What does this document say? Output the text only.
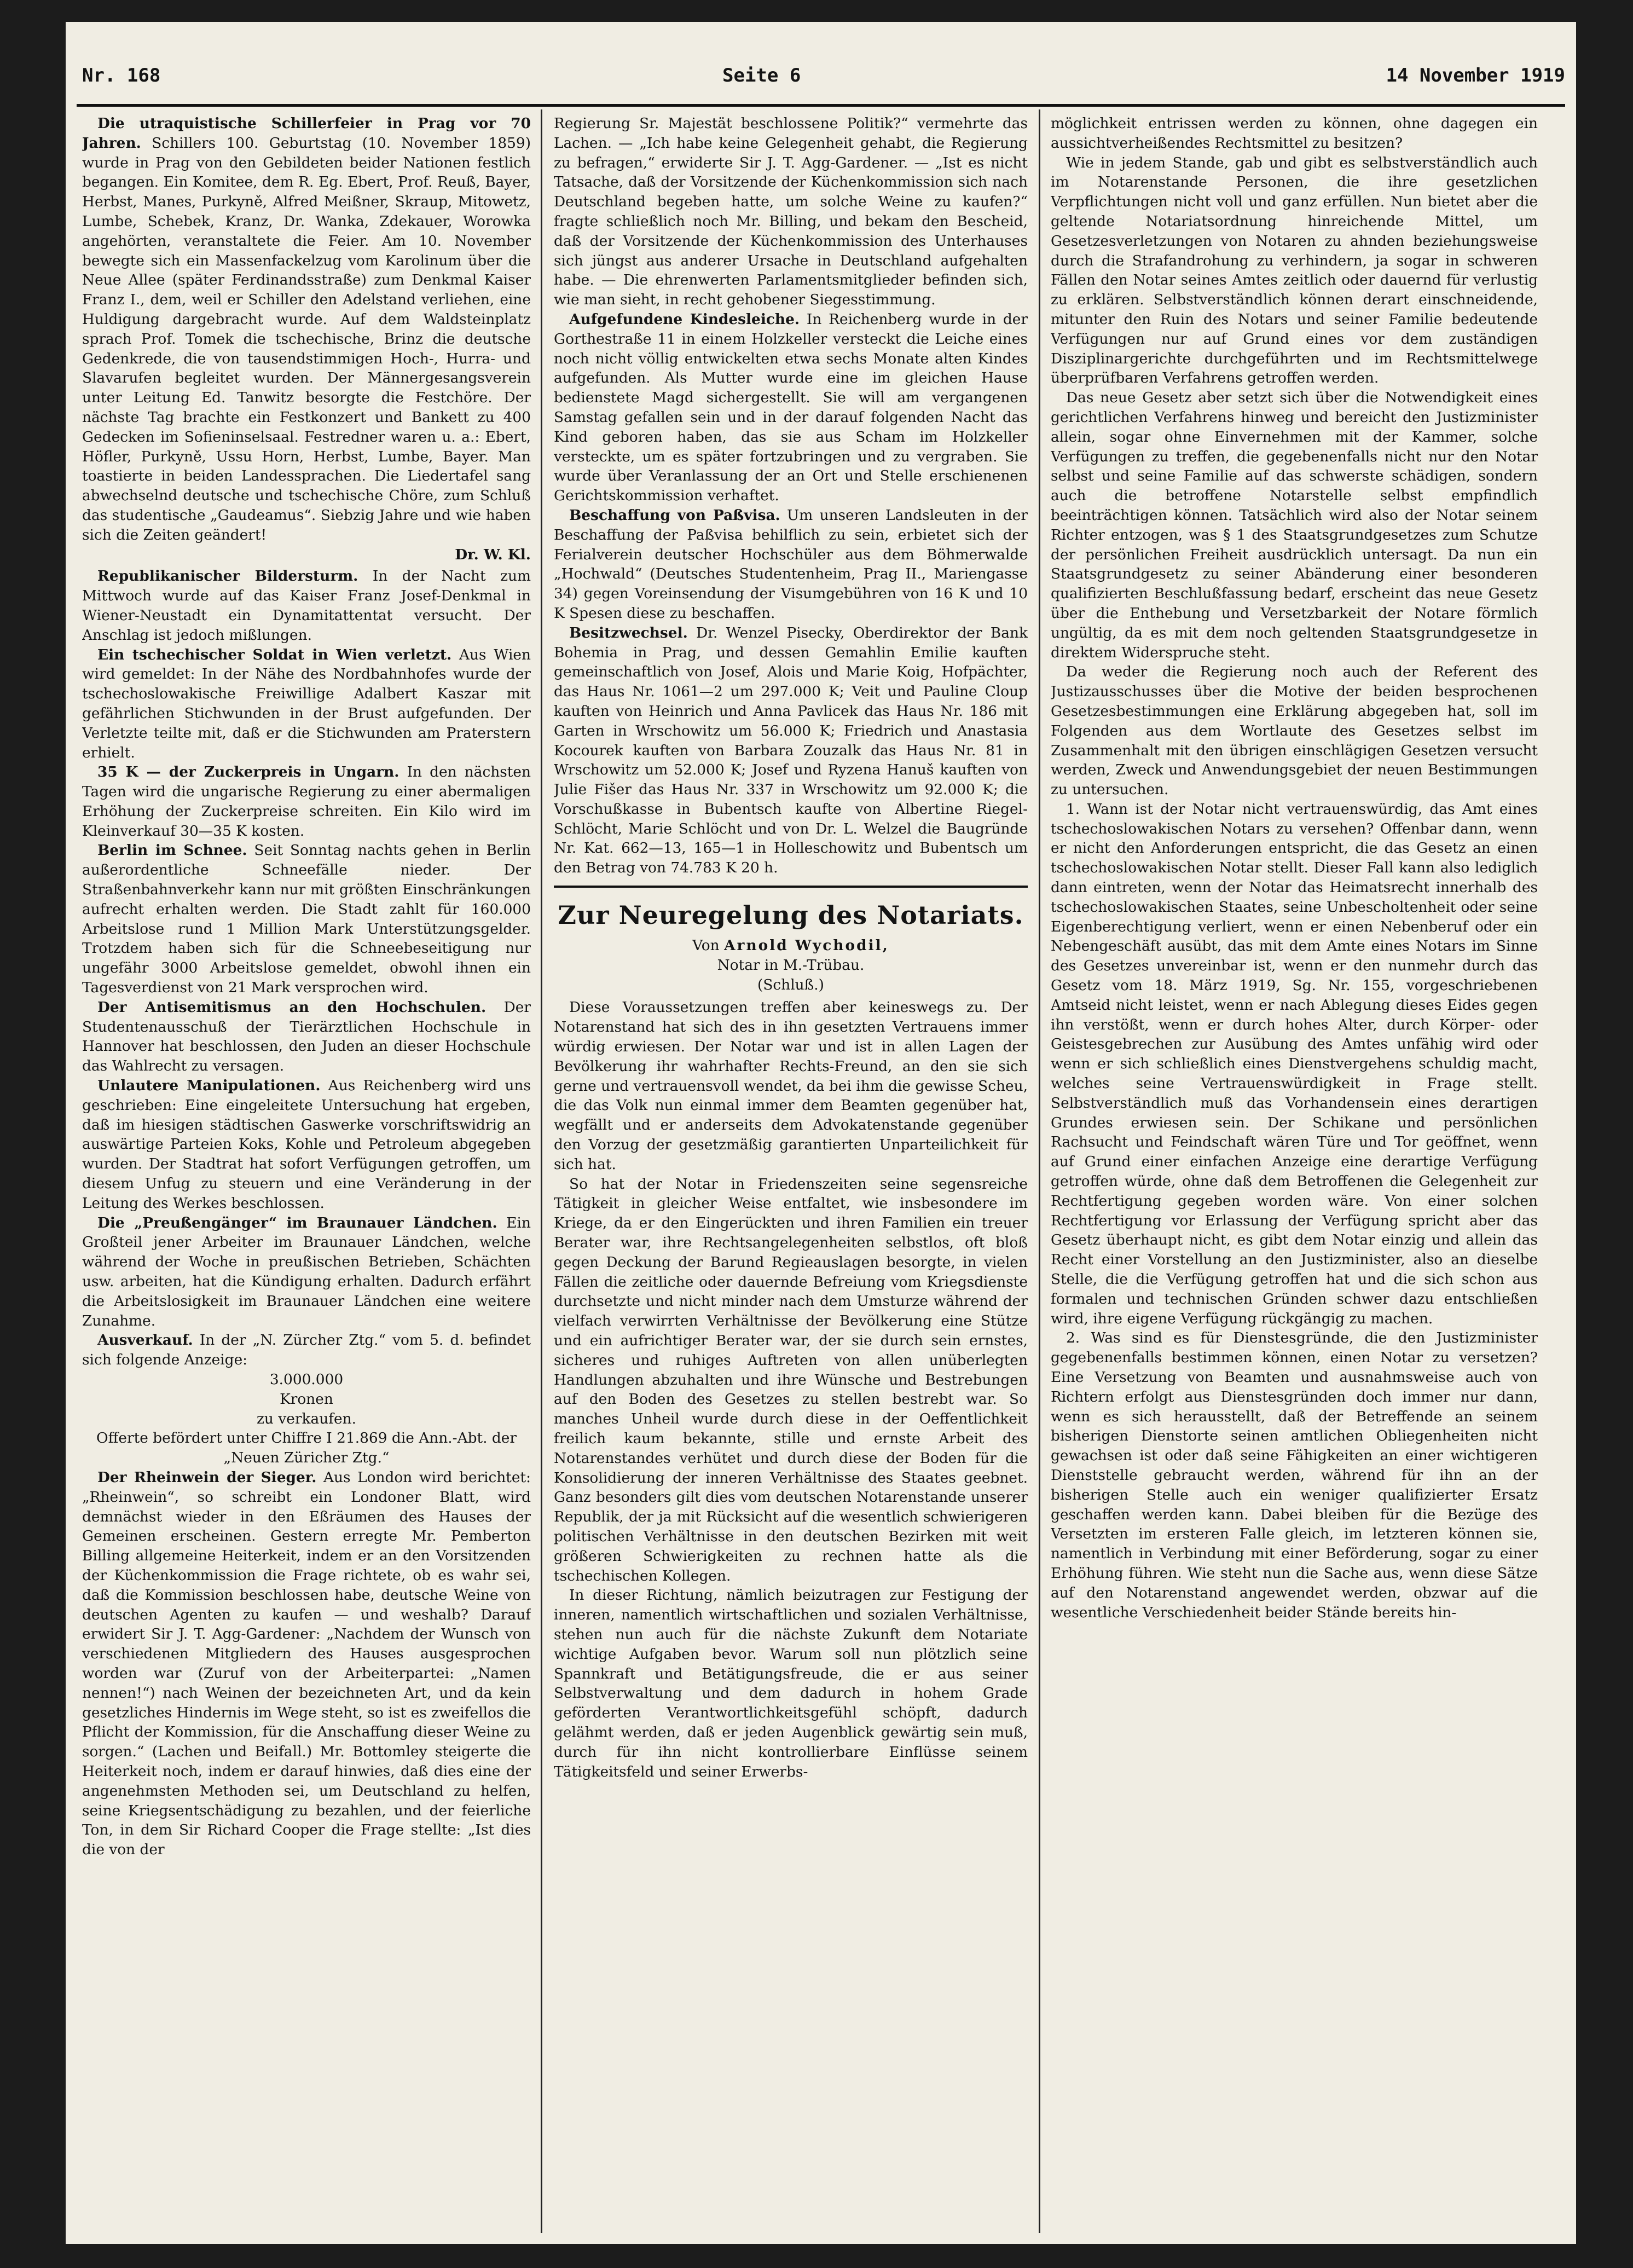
Nr. 168	Seite 6	14 November 1919

Die utraquistische Schillerfeier in Prag vor 70 Jahren. Schillers 100. Geburtstag (10. November 1859) wurde in Prag von den Gebildeten beider Nationen festlich begangen. Ein Komitee, dem R. Eg. Ebert, Prof. Reuß, Bayer, Herbst, Manes, Purkyně, Alfred Meißner, Skraup, Mitowetz, Lumbe, Schebek, Kranz, Dr. Wanka, Zdekauer, Worowka angehörten, veranstaltete die Feier. Am 10. November bewegte sich ein Massenfackelzug vom Karolinum über die Neue Allee (später Ferdinandsstraße) zum Denkmal Kaiser Franz I., dem, weil er Schiller den Adelstand verliehen, eine Huldigung dargebracht wurde. Auf dem Waldsteinplatz sprach Prof. Tomek die tschechische, Brinz die deutsche Gedenkrede, die von tausendstimmigen Hoch-, Hurra- und Slavarufen begleitet wurden. Der Männergesangsverein unter Leitung Ed. Tanwitz besorgte die Festchöre. Der nächste Tag brachte ein Festkonzert und Bankett zu 400 Gedecken im Sofieninselsaal. Festredner waren u. a.: Ebert, Höfler, Purkyně, Ussu Horn, Herbst, Lumbe, Bayer. Man toastierte in beiden Landessprachen. Die Liedertafel sang abwechselnd deutsche und tschechische Chöre, zum Schluß das studentische „Gaudeamus“. Siebzig Jahre und wie haben sich die Zeiten geändert!

Dr. W. Kl.

Republikanischer Bildersturm. In der Nacht zum Mittwoch wurde auf das Kaiser Franz Josef-Denkmal in Wiener-Neustadt ein Dynamitattentat versucht. Der Anschlag ist jedoch mißlungen.

Ein tschechischer Soldat in Wien verletzt. Aus Wien wird gemeldet: In der Nähe des Nordbahnhofes wurde der tschechoslowakische Freiwillige Adalbert Kaszar mit gefährlichen Stichwunden in der Brust aufgefunden. Der Verletzte teilte mit, daß er die Stichwunden am Praterstern erhielt.

35 K — der Zuckerpreis in Ungarn. In den nächsten Tagen wird die ungarische Regierung zu einer abermaligen Erhöhung der Zuckerpreise schreiten. Ein Kilo wird im Kleinverkauf 30—35 K kosten.

Berlin im Schnee. Seit Sonntag nachts gehen in Berlin außerordentliche Schneefälle nieder. Der Straßenbahnverkehr kann nur mit größten Einschränkungen aufrecht erhalten werden. Die Stadt zahlt für 160.000 Arbeitslose rund 1 Million Mark Unterstützungsgelder. Trotzdem haben sich für die Schneebeseitigung nur ungefähr 3000 Arbeitslose gemeldet, obwohl ihnen ein Tagesverdienst von 21 Mark versprochen wird.

Der Antisemitismus an den Hochschulen. Der Studentenausschuß der Tierärztlichen Hochschule in Hannover hat beschlossen, den Juden an dieser Hochschule das Wahlrecht zu versagen.

Unlautere Manipulationen. Aus Reichenberg wird uns geschrieben: Eine eingeleitete Untersuchung hat ergeben, daß im hiesigen städtischen Gaswerke vorschriftswidrig an auswärtige Parteien Koks, Kohle und Petroleum abgegeben wurden. Der Stadtrat hat sofort Verfügungen getroffen, um diesem Unfug zu steuern und eine Veränderung in der Leitung des Werkes beschlossen.

Die „Preußengänger“ im Braunauer Ländchen. Ein Großteil jener Arbeiter im Braunauer Ländchen, welche während der Woche in preußischen Betrieben, Schächten usw. arbeiten, hat die Kündigung erhalten. Dadurch erfährt die Arbeitslosigkeit im Braunauer Ländchen eine weitere Zunahme.

Ausverkauf. In der „N. Zürcher Ztg.“ vom 5. d. befindet sich folgende Anzeige:

3.000.000

Kronen

zu verkaufen.

Offerte befördert unter Chiffre I 21.869 die Ann.-Abt. der „Neuen Züricher Ztg.“

Der Rheinwein der Sieger. Aus London wird berichtet: „Rheinwein“, so schreibt ein Londoner Blatt, wird demnächst wieder in den Eßräumen des Hauses der Gemeinen erscheinen. Gestern erregte Mr. Pemberton Billing allgemeine Heiterkeit, indem er an den Vorsitzenden der Küchenkommission die Frage richtete, ob es wahr sei, daß die Kommission beschlossen habe, deutsche Weine von deutschen Agenten zu kaufen — und weshalb? Darauf erwidert Sir J. T. Agg-Gardener: „Nachdem der Wunsch von verschiedenen Mitgliedern des Hauses ausgesprochen worden war (Zuruf von der Arbeiterpartei: „Namen nennen!“) nach Weinen der bezeichneten Art, und da kein gesetzliches Hindernis im Wege steht, so ist es zweifellos die Pflicht der Kommission, für die Anschaffung dieser Weine zu sorgen.“ (Lachen und Beifall.) Mr. Bottomley steigerte die Heiterkeit noch, indem er darauf hinwies, daß dies eine der angenehmsten Methoden sei, um Deutschland zu helfen, seine Kriegsentschädigung zu bezahlen, und der feierliche Ton, in dem Sir Richard Cooper die Frage stellte: „Ist dies die von der

Regierung Sr. Majestät beschlossene Politik?“ vermehrte das Lachen. — „Ich habe keine Gelegenheit gehabt, die Regierung zu befragen,“ erwiderte Sir J. T. Agg-Gardener. — „Ist es nicht Tatsache, daß der Vorsitzende der Küchenkommission sich nach Deutschland begeben hatte, um solche Weine zu kaufen?“ fragte schließlich noch Mr. Billing, und bekam den Bescheid, daß der Vorsitzende der Küchenkommission des Unterhauses sich jüngst aus anderer Ursache in Deutschland aufgehalten habe. — Die ehrenwerten Parlamentsmitglieder befinden sich, wie man sieht, in recht gehobener Siegesstimmung.

Aufgefundene Kindesleiche. In Reichenberg wurde in der Gorthestraße 11 in einem Holzkeller versteckt die Leiche eines noch nicht völlig entwickelten etwa sechs Monate alten Kindes aufgefunden. Als Mutter wurde eine im gleichen Hause bedienstete Magd sichergestellt. Sie will am vergangenen Samstag gefallen sein und in der darauf folgenden Nacht das Kind geboren haben, das sie aus Scham im Holzkeller versteckte, um es später fortzubringen und zu vergraben. Sie wurde über Veranlassung der an Ort und Stelle erschienenen Gerichtskommission verhaftet.

Beschaffung von Paßvisa. Um unseren Landsleuten in der Beschaffung der Paßvisa behilflich zu sein, erbietet sich der Ferialverein deutscher Hochschüler aus dem Böhmerwalde „Hochwald“ (Deutsches Studentenheim, Prag II., Mariengasse 34) gegen Voreinsendung der Visumgebühren von 16 K und 10 K Spesen diese zu beschaffen.

Besitzwechsel. Dr. Wenzel Pisecky, Oberdirektor der Bank Bohemia in Prag, und dessen Gemahlin Emilie kauften gemeinschaftlich von Josef, Alois und Marie Koig, Hofpächter, das Haus Nr. 1061—2 um 297.000 K; Veit und Pauline Cloup kauften von Heinrich und Anna Pavlicek das Haus Nr. 186 mit Garten in Wrschowitz um 56.000 K; Friedrich und Anastasia Kocourek kauften von Barbara Zouzalk das Haus Nr. 81 in Wrschowitz um 52.000 K; Josef und Ryzena Hanuš kauften von Julie Fišer das Haus Nr. 337 in Wrschowitz um 92.000 K; die Vorschußkasse in Bubentsch kaufte von Albertine Riegel-Schlöcht, Marie Schlöcht und von Dr. L. Welzel die Baugründe Nr. Kat. 662—13, 165—1 in Holleschowitz und Bubentsch um den Betrag von 74.783 K 20 h.

Zur Neuregelung des Notariats.

Von Arnold Wychodil,

Notar in M.-Trübau.

(Schluß.)

Diese Voraussetzungen treffen aber keineswegs zu. Der Notarenstand hat sich des in ihn gesetzten Vertrauens immer würdig erwiesen. Der Notar war und ist in allen Lagen der Bevölkerung ihr wahrhafter Rechts-Freund, an den sie sich gerne und vertrauensvoll wendet, da bei ihm die gewisse Scheu, die das Volk nun einmal immer dem Beamten gegenüber hat, wegfällt und er anderseits dem Advokatenstande gegenüber den Vorzug der gesetzmäßig garantierten Unparteilichkeit für sich hat.

So hat der Notar in Friedenszeiten seine segensreiche Tätigkeit in gleicher Weise entfaltet, wie insbesondere im Kriege, da er den Eingerückten und ihren Familien ein treuer Berater war, ihre Rechtsangelegenheiten selbstlos, oft bloß gegen Deckung der Barund Regieauslagen besorgte, in vielen Fällen die zeitliche oder dauernde Befreiung vom Kriegsdienste durchsetzte und nicht minder nach dem Umsturze während der vielfach verwirrten Verhältnisse der Bevölkerung eine Stütze und ein aufrichtiger Berater war, der sie durch sein ernstes, sicheres und ruhiges Auftreten von allen unüberlegten Handlungen abzuhalten und ihre Wünsche und Bestrebungen auf den Boden des Gesetzes zu stellen bestrebt war. So manches Unheil wurde durch diese in der Oeffentlichkeit freilich kaum bekannte, stille und ernste Arbeit des Notarenstandes verhütet und durch diese der Boden für die Konsolidierung der inneren Verhältnisse des Staates geebnet. Ganz besonders gilt dies vom deutschen Notarenstande unserer Republik, der ja mit Rücksicht auf die wesentlich schwierigeren politischen Verhältnisse in den deutschen Bezirken mit weit größeren Schwierigkeiten zu rechnen hatte als die tschechischen Kollegen.

In dieser Richtung, nämlich beizutragen zur Festigung der inneren, namentlich wirtschaftlichen und sozialen Verhältnisse, stehen nun auch für die nächste Zukunft dem Notariate wichtige Aufgaben bevor. Warum soll nun plötzlich seine Spannkraft und Betätigungsfreude, die er aus seiner Selbstverwaltung und dem dadurch in hohem Grade geförderten Verantwortlichkeitsgefühl schöpft, dadurch gelähmt werden, daß er jeden Augenblick gewärtig sein muß, durch für ihn nicht kontrollierbare Einflüsse seinem Tätigkeitsfeld und seiner Erwerbs-

möglichkeit entrissen werden zu können, ohne dagegen ein aussichtverheißendes Rechtsmittel zu besitzen?

Wie in jedem Stande, gab und gibt es selbstverständlich auch im Notarenstande Personen, die ihre gesetzlichen Verpflichtungen nicht voll und ganz erfüllen. Nun bietet aber die geltende Notariatsordnung hinreichende Mittel, um Gesetzesverletzungen von Notaren zu ahnden beziehungsweise durch die Strafandrohung zu verhindern, ja sogar in schweren Fällen den Notar seines Amtes zeitlich oder dauernd für verlustig zu erklären. Selbstverständlich können derart einschneidende, mitunter den Ruin des Notars und seiner Familie bedeutende Verfügungen nur auf Grund eines vor dem zuständigen Disziplinargerichte durchgeführten und im Rechtsmittelwege überprüfbaren Verfahrens getroffen werden.

Das neue Gesetz aber setzt sich über die Notwendigkeit eines gerichtlichen Verfahrens hinweg und bereicht den Justizminister allein, sogar ohne Einvernehmen mit der Kammer, solche Verfügungen zu treffen, die gegebenenfalls nicht nur den Notar selbst und seine Familie auf das schwerste schädigen, sondern auch die betroffene Notarstelle selbst empfindlich beeinträchtigen können. Tatsächlich wird also der Notar seinem Richter entzogen, was § 1 des Staatsgrundgesetzes zum Schutze der persönlichen Freiheit ausdrücklich untersagt. Da nun ein Staatsgrundgesetz zu seiner Abänderung einer besonderen qualifizierten Beschlußfassung bedarf, erscheint das neue Gesetz über die Enthebung und Versetzbarkeit der Notare förmlich ungültig, da es mit dem noch geltenden Staatsgrundgesetze in direktem Widerspruche steht.

Da weder die Regierung noch auch der Referent des Justizausschusses über die Motive der beiden besprochenen Gesetzesbestimmungen eine Erklärung abgegeben hat, soll im Folgenden aus dem Wortlaute des Gesetzes selbst im Zusammenhalt mit den übrigen einschlägigen Gesetzen versucht werden, Zweck und Anwendungsgebiet der neuen Bestimmungen zu untersuchen.

1. Wann ist der Notar nicht vertrauenswürdig, das Amt eines tschechoslowakischen Notars zu versehen? Offenbar dann, wenn er nicht den Anforderungen entspricht, die das Gesetz an einen tschechoslowakischen Notar stellt. Dieser Fall kann also lediglich dann eintreten, wenn der Notar das Heimatsrecht innerhalb des tschechoslowakischen Staates, seine Unbescholtenheit oder seine Eigenberechtigung verliert, wenn er einen Nebenberuf oder ein Nebengeschäft ausübt, das mit dem Amte eines Notars im Sinne des Gesetzes unvereinbar ist, wenn er den nunmehr durch das Gesetz vom 18. März 1919, Sg. Nr. 155, vorgeschriebenen Amtseid nicht leistet, wenn er nach Ablegung dieses Eides gegen ihn verstößt, wenn er durch hohes Alter, durch Körper- oder Geistesgebrechen zur Ausübung des Amtes unfähig wird oder wenn er sich schließlich eines Dienstvergehens schuldig macht, welches seine Vertrauenswürdigkeit in Frage stellt. Selbstverständlich muß das Vorhandensein eines derartigen Grundes erwiesen sein. Der Schikane und persönlichen Rachsucht und Feindschaft wären Türe und Tor geöffnet, wenn auf Grund einer einfachen Anzeige eine derartige Verfügung getroffen würde, ohne daß dem Betroffenen die Gelegenheit zur Rechtfertigung gegeben worden wäre. Von einer solchen Rechtfertigung vor Erlassung der Verfügung spricht aber das Gesetz überhaupt nicht, es gibt dem Notar einzig und allein das Recht einer Vorstellung an den Justizminister, also an dieselbe Stelle, die die Verfügung getroffen hat und die sich schon aus formalen und technischen Gründen schwer dazu entschließen wird, ihre eigene Verfügung rückgängig zu machen.

2. Was sind es für Dienstesgründe, die den Justizminister gegebenenfalls bestimmen können, einen Notar zu versetzen? Eine Versetzung von Beamten und ausnahmsweise auch von Richtern erfolgt aus Dienstesgründen doch immer nur dann, wenn es sich herausstellt, daß der Betreffende an seinem bisherigen Dienstorte seinen amtlichen Obliegenheiten nicht gewachsen ist oder daß seine Fähigkeiten an einer wichtigeren Dienststelle gebraucht werden, während für ihn an der bisherigen Stelle auch ein weniger qualifizierter Ersatz geschaffen werden kann. Dabei bleiben für die Bezüge des Versetzten im ersteren Falle gleich, im letzteren können sie, namentlich in Verbindung mit einer Beförderung, sogar zu einer Erhöhung führen. Wie steht nun die Sache aus, wenn diese Sätze auf den Notarenstand angewendet werden, obzwar auf die wesentliche Verschiedenheit beider Stände bereits hin-
